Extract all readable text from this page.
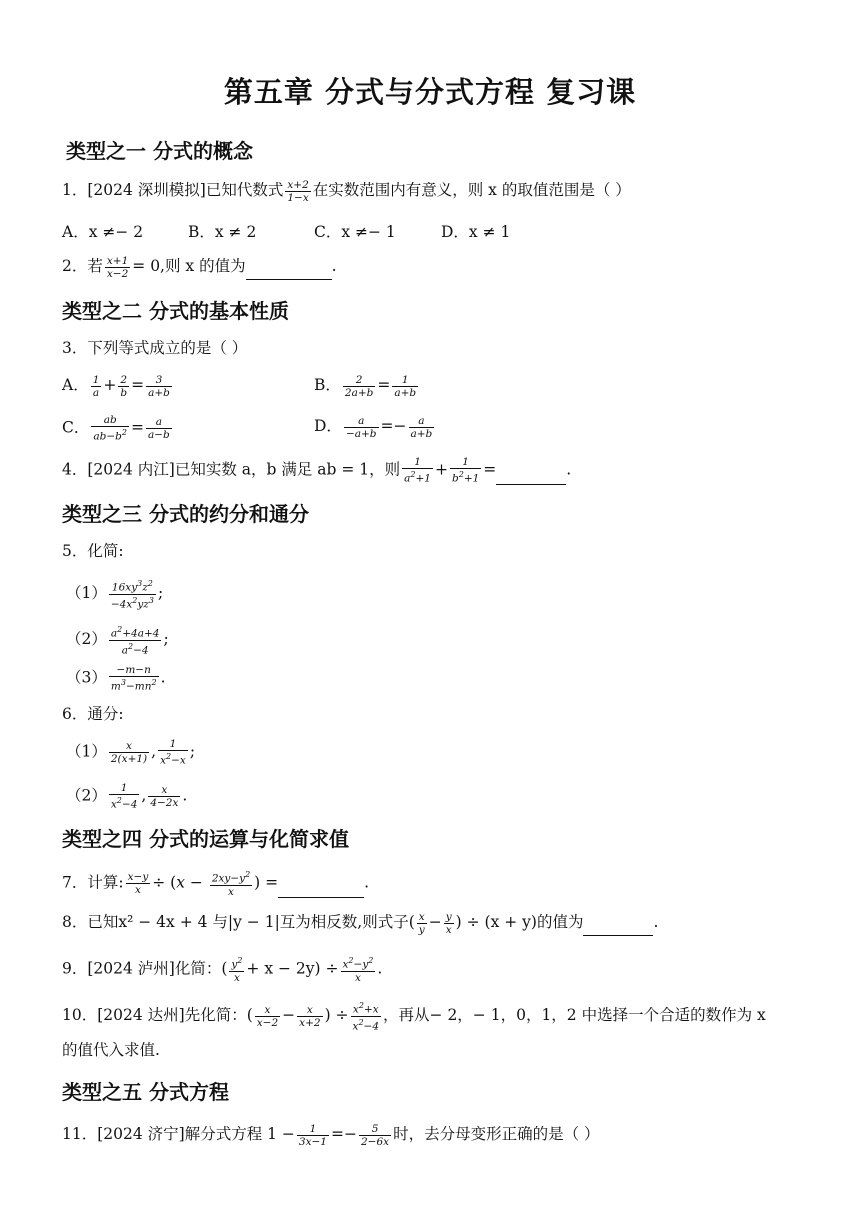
第五章 分式与分式方程 复习课
类型之一 分式的概念
1．[2024 深圳模拟]已知代数式 $\frac{x+2}{1-x}$ 在实数范围内有意义，则 x 的取值范围是（ ）
A．x ≠− 2	B．x ≠ 2	C．x ≠− 1	D．x ≠ 1
2．若 $\frac{x+1}{x-2} = 0$,则 x 的值为	.
类型之二 分式的基本性质
3．下列等式成立的是（ ）
A． $\frac{1}{a} + \frac{2}{b} = \frac{3}{a+b}$	B． $\frac{2}{2a+b} = \frac{1}{a+b}$
C． $\frac{ab}{ab-b^2} = \frac{a}{a-b}$	D． $\frac{a}{-a+b} =- \frac{a}{a+b}$
4．[2024 内江]已知实数 a，b 满足 ab = 1，则 $\frac{1}{a^2+1} + \frac{1}{b^2+1}$ =	.
类型之三 分式的约分和通分
5．化简:
$(1) \frac{16xy^3z^2}{-4x^2yz^3}$ ;
$(2) \frac{a^2+4a+4}{a^2-4}$ ;
$(3) \frac{-m-n}{m^3-mn^2}$ .
6．通分:
$(1) \frac{x}{2(x+1)}$ , $\frac{1}{x^2-x}$ ;
$(2) \frac{1}{x^2-4}$ , $\frac{x}{4-2x}$ .
类型之四 分式的运算与化简求值
7．计算: $\frac{x-y}{x} \div (x - \frac{2xy-y^2}{x}$ ) =	.
8．已知x² − 4x + 4 与|y − 1|互为相反数,则式子( $\frac{x}{y} - \frac{y}{x}$ ) ÷ (x + y)的值为	.
9．[2024 泸州]化简：( $\frac{y^2}{x} + x - 2y) \div \frac{x^2-y^2}{x}$ .
10．[2024 达州]先化简：( $\frac{x}{x-2} - \frac{x}{x+2}$ ) ÷ $\frac{x^2+x}{x^2-4}$ ，再从− 2，− 1，0，1，2 中选择一个合适的数作为 x
的值代入求值.
类型之五 分式方程
11．[2024 济宁]解分式方程 $1 - \frac{1}{3x-1} =- \frac{5}{2-6x}$ 时，去分母变形正确的是（ ）
